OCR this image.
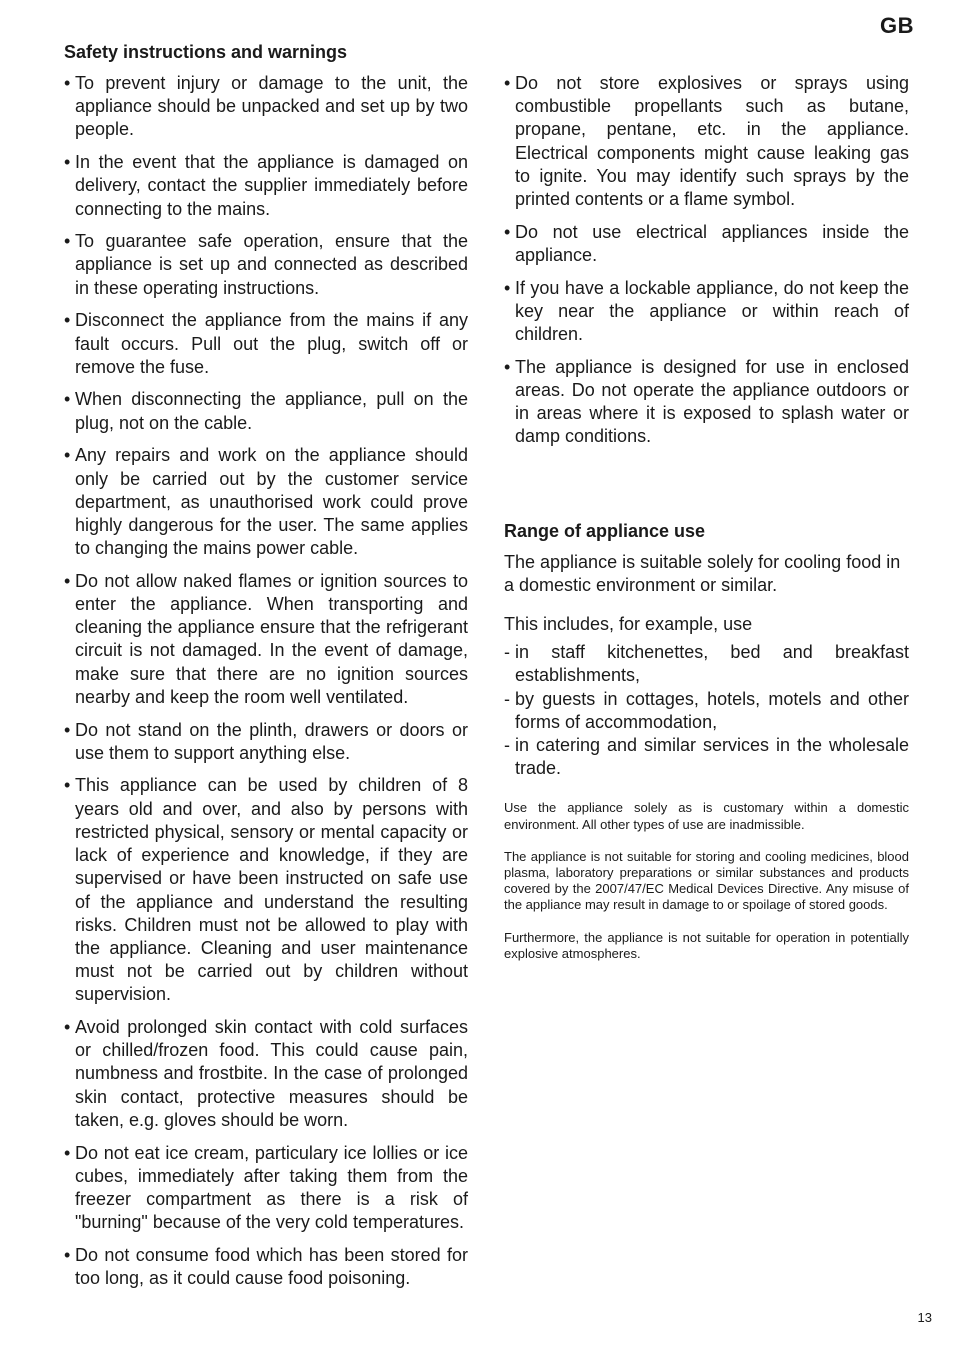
GB
Safety instructions and warnings
• To prevent injury or damage to the unit, the appliance should be unpacked and set up by two people.
• In the event that the appliance is damaged on delivery, contact the supplier immediately before connecting to the mains.
• To guarantee safe operation, ensure that the appliance is set up and connected as described in these operating instructions.
• Disconnect the appliance from the mains if any fault occurs. Pull out the plug, switch off or remove the fuse.
• When disconnecting the appliance, pull on the plug, not on the cable.
• Any repairs and work on the appliance should only be carried out by the customer service department, as unauthorised work could prove highly dangerous for the user. The same applies to changing the mains power cable.
• Do not allow naked flames or ignition sources to enter the appliance. When transporting and cleaning the appliance ensure that the refrigerant circuit is not damaged. In the event of damage, make sure that there are no ignition sources nearby and keep the room well ventilated.
• Do not stand on the plinth, drawers or doors or use them to support anything else.
• This appliance can be used by children of 8 years old and over, and also by persons with restricted physical, sensory or mental capacity or lack of experience and knowledge, if they are supervised or have been instructed on safe use of the appliance and understand the resulting risks. Children must not be allowed to play with the appliance. Cleaning and user maintenance must not be carried out by children without supervision.
• Avoid prolonged skin contact with cold surfaces or chilled/frozen food. This could cause pain, numbness and frostbite. In the case of prolonged skin contact, protective measures should be taken, e.g. gloves should be worn.
• Do not eat ice cream, particulary ice lollies or ice cubes, immediately after taking them from the freezer compartment as there is a risk of "burning" because of the very cold temperatures.
• Do not consume food which has been stored for too long, as it could cause food poisoning.
• Do not store explosives or sprays using combustible propellants such as butane, propane, pentane, etc. in the appliance. Electrical components might cause leaking gas to ignite. You may identify such sprays by the printed contents or a flame symbol.
• Do not use electrical appliances inside the appliance.
• If you have a lockable appliance, do not keep the key near the appliance or within reach of children.
• The appliance is designed for use in enclosed areas. Do not operate the appliance outdoors or in areas where it is exposed to splash water or damp conditions.
Range of appliance use

The appliance is suitable solely for cooling food in a domestic environment or similar.

This includes, for example, use

- in staff kitchenettes, bed and breakfast establishments,
- by guests in cottages, hotels, motels and other forms of accommodation,
- in catering and similar services in the wholesale trade.

Use the appliance solely as is customary within a domestic environment. All other types of use are inadmissible.

The appliance is not suitable for storing and cooling medicines, blood plasma, laboratory preparations or similar substances and products covered by the 2007/47/EC Medical Devices Directive. Any misuse of the appliance may result in damage to or spoilage of stored goods.

Furthermore, the appliance is not suitable for operation in potentially explosive atmospheres.

13
